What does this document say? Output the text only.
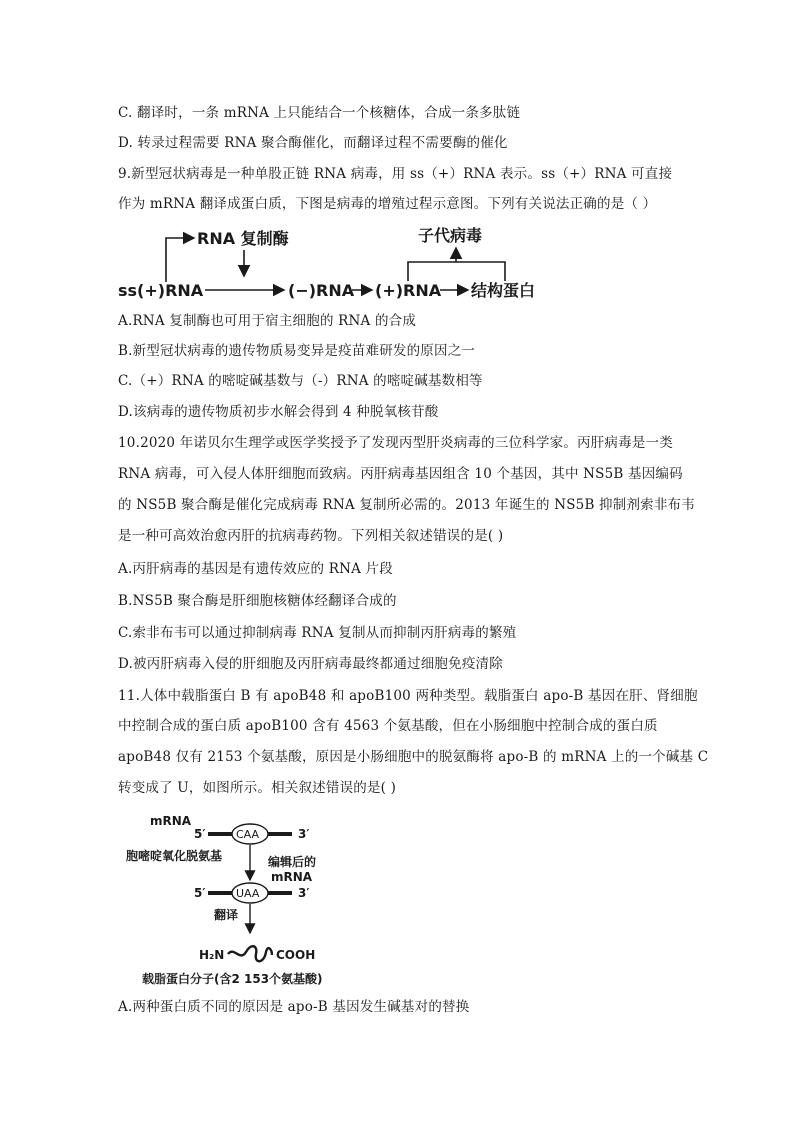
C. 翻译时，一条 mRNA 上只能结合一个核糖体，合成一条多肽链
D. 转录过程需要 RNA 聚合酶催化，而翻译过程不需要酶的催化
9.新型冠状病毒是一种单股正链 RNA 病毒，用 ss（+）RNA 表示。ss（+）RNA 可直接
作为 mRNA 翻译成蛋白质，下图是病毒的增殖过程示意图。下列有关说法正确的是（ ）
RNA 复制酶	子代病毒
ss(+)RNA	(−)RNA (+)RNA 结构蛋白
A.RNA 复制酶也可用于宿主细胞的 RNA 的合成
B.新型冠状病毒的遗传物质易变异是疫苗难研发的原因之一
C.（+）RNA 的嘧啶碱基数与（-）RNA 的嘧啶碱基数相等
D.该病毒的遗传物质初步水解会得到 4 种脱氧核苷酸
10.2020 年诺贝尔生理学或医学奖授予了发现丙型肝炎病毒的三位科学家。丙肝病毒是一类
RNA 病毒，可入侵人体肝细胞而致病。丙肝病毒基因组含 10 个基因，其中 NS5B 基因编码
的 NS5B 聚合酶是催化完成病毒 RNA 复制所必需的。2013 年诞生的 NS5B 抑制剂索非布韦
是一种可高效治愈丙肝的抗病毒药物。下列相关叙述错误的是( )
A.丙肝病毒的基因是有遗传效应的 RNA 片段
B.NS5B 聚合酶是肝细胞核糖体经翻译合成的
C.索非布韦可以通过抑制病毒 RNA 复制从而抑制丙肝病毒的繁殖
D.被丙肝病毒入侵的肝细胞及丙肝病毒最终都通过细胞免疫清除
11.人体中载脂蛋白 B 有 apoB48 和 apoB100 两种类型。载脂蛋白 apo-B 基因在肝、肾细胞
中控制合成的蛋白质 apoB100 含有 4563 个氨基酸，但在小肠细胞中控制合成的蛋白质
apoB48 仅有 2153 个氨基酸，原因是小肠细胞中的脱氨酶将 apo-B 的 mRNA 上的一个碱基 C
转变成了 U，如图所示。相关叙述错误的是( )
mRNA
5′	CAA	3′
胞嘧啶氧化脱氨基	编辑后的
mRNA
5′	UAA	3′
翻译
H₂N	COOH
载脂蛋白分子(含2 153个氨基酸)
A.两种蛋白质不同的原因是 apo-B 基因发生碱基对的替换
